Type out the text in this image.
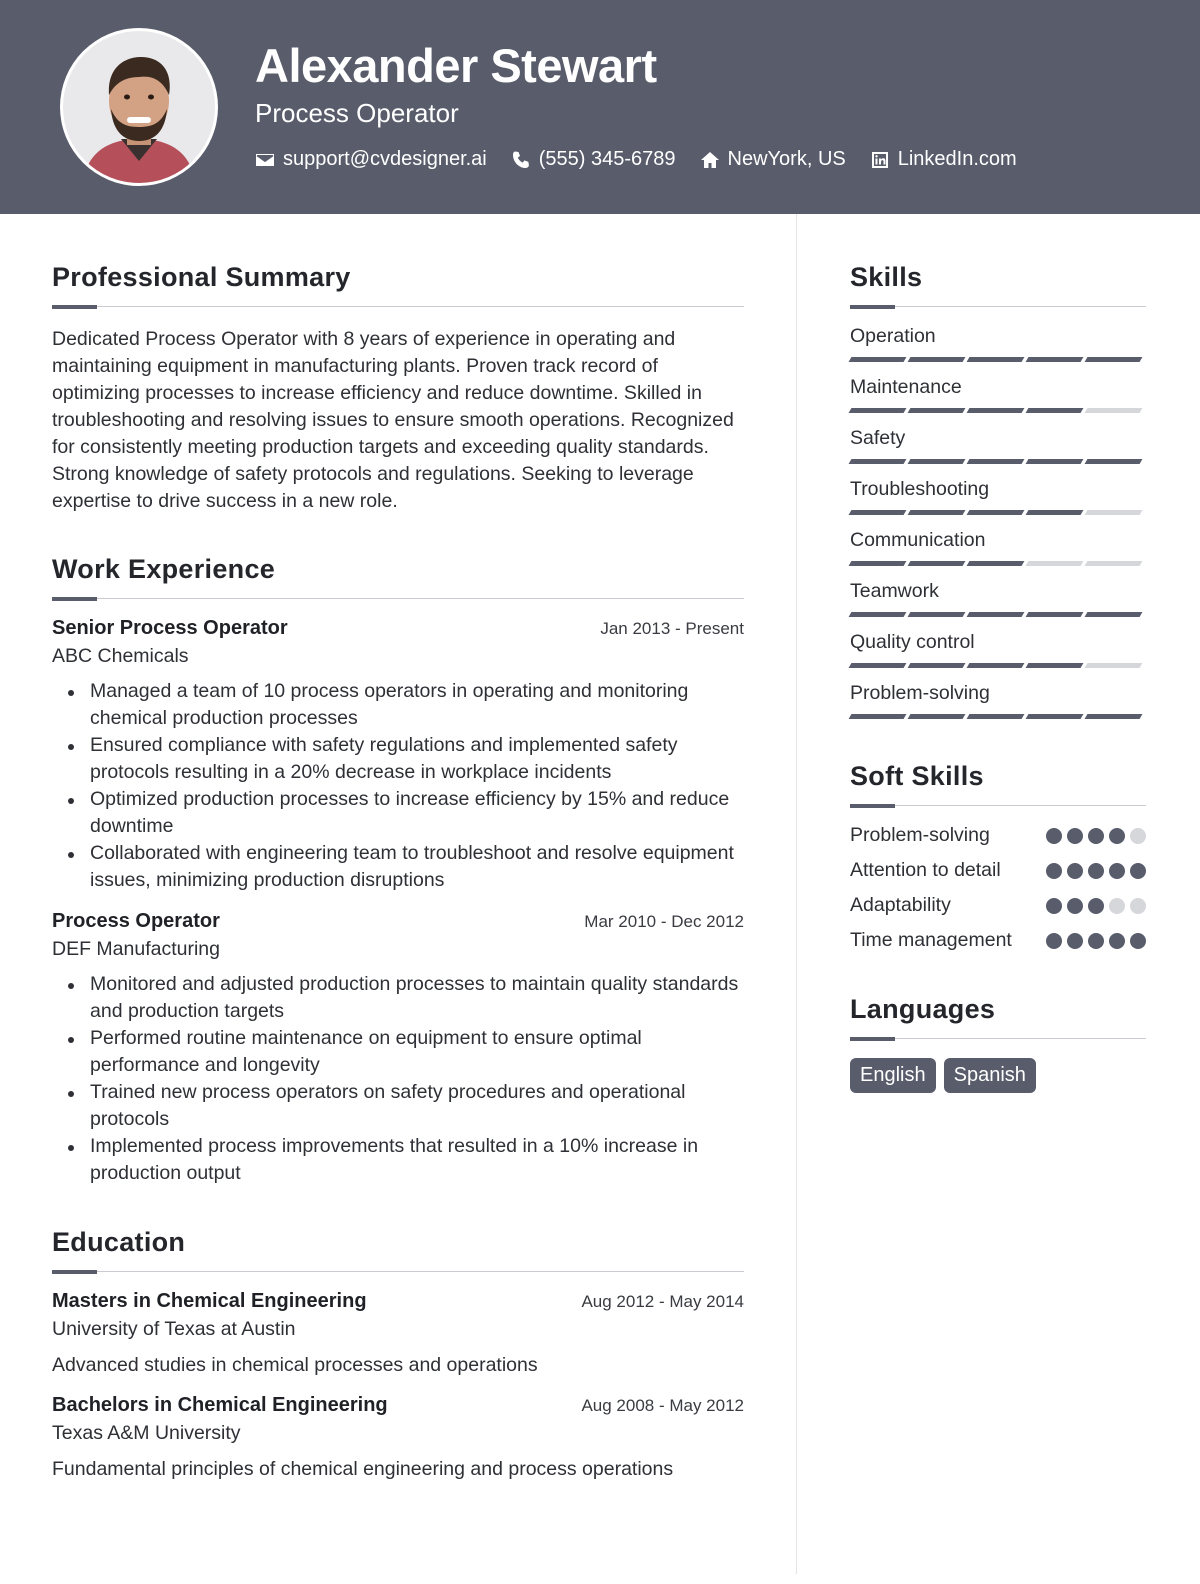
Alexander Stewart
Process Operator
support@cvdesigner.ai	(555) 345-6789	NewYork, US	LinkedIn.com
Professional Summary

Dedicated Process Operator with 8 years of experience in operating and maintaining equipment in manufacturing plants. Proven track record of optimizing processes to increase efficiency and reduce downtime. Skilled in troubleshooting and resolving issues to ensure smooth operations. Recognized for consistently meeting production targets and exceeding quality standards. Strong knowledge of safety protocols and regulations. Seeking to leverage expertise to drive success in a new role.

Work Experience
Senior Process Operator	Jan 2013 - Present
ABC Chemicals
Managed a team of 10 process operators in operating and monitoring chemical production processes
Ensured compliance with safety regulations and implemented safety protocols resulting in a 20% decrease in workplace incidents
Optimized production processes to increase efficiency by 15% and reduce downtime
Collaborated with engineering team to troubleshoot and resolve equipment issues, minimizing production disruptions
Process Operator	Mar 2010 - Dec 2012
DEF Manufacturing
Monitored and adjusted production processes to maintain quality standards and production targets
Performed routine maintenance on equipment to ensure optimal performance and longevity
Trained new process operators on safety procedures and operational protocols
Implemented process improvements that resulted in a 10% increase in production output
Education
Masters in Chemical Engineering	Aug 2012 - May 2014
University of Texas at Austin
Advanced studies in chemical processes and operations
Bachelors in Chemical Engineering	Aug 2008 - May 2012
Texas A&M University
Fundamental principles of chemical engineering and process operations
Skills
Operation
Maintenance
Safety
Troubleshooting
Communication
Teamwork
Quality control
Problem-solving
Soft Skills
Problem-solving
Attention to detail
Adaptability
Time management
Languages
English	Spanish
